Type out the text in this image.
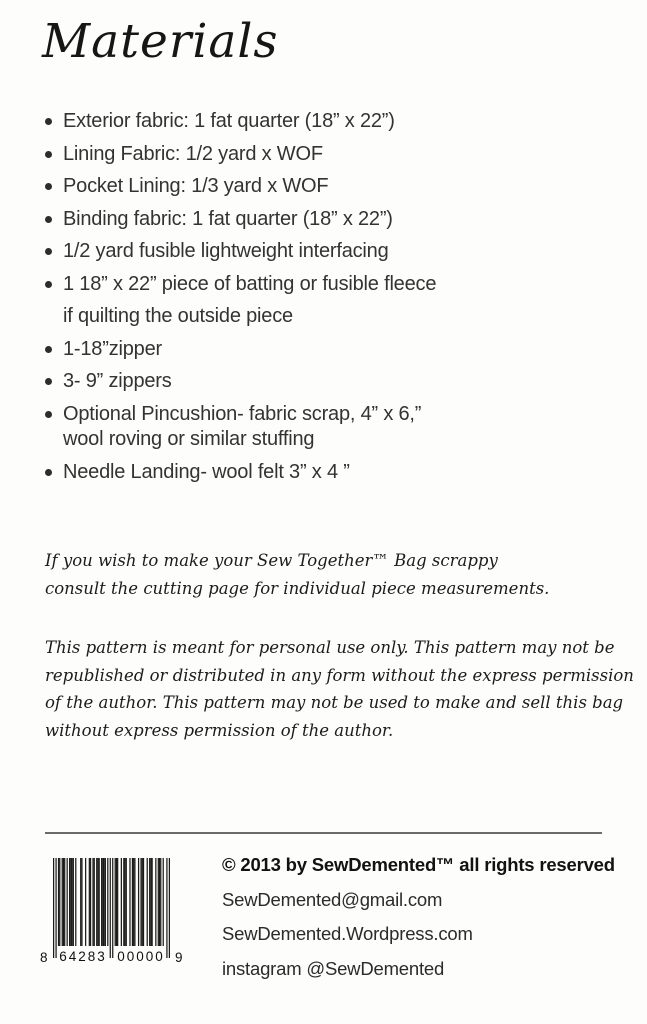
Materials
Exterior fabric: 1 fat quarter (18” x 22”)
Lining Fabric: 1/2 yard x WOF
Pocket Lining: 1/3 yard x WOF
Binding fabric: 1 fat quarter (18” x 22”)
1/2 yard fusible lightweight interfacing
1 18” x 22” piece of batting or fusible fleece
if quilting the outside piece
1-18”zipper
3- 9” zippers
Optional Pincushion- fabric scrap, 4” x 6,”
wool roving or similar stuffing
Needle Landing- wool felt 3” x 4 ”

If you wish to make your Sew Together™ Bag scrappy
consult the cutting page for individual piece measurements.

This pattern is meant for personal use only. This pattern may not be
republished or distributed in any form without the express permission
of the author. This pattern may not be used to make and sell this bag
without express permission of the author.

8 64283 00000 9
© 2013 by SewDemented™ all rights reserved
SewDemented@gmail.com
SewDemented.Wordpress.com
instagram @SewDemented
